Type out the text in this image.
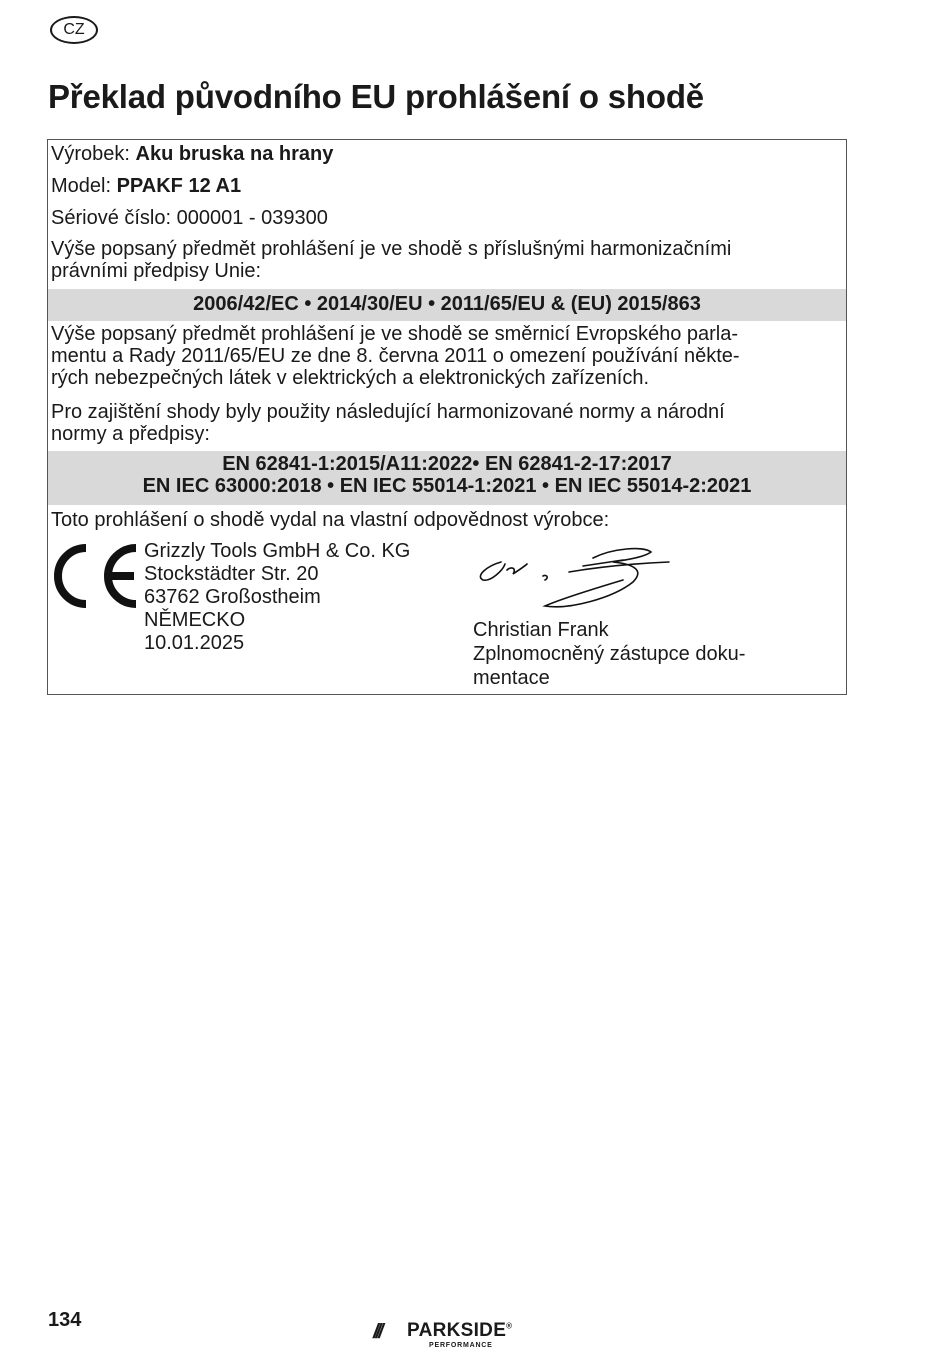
CZ
Překlad původního EU prohlášení o shodě
Výrobek: Aku bruska na hrany
Model: PPAKF 12 A1
Sériové číslo: 000001 - 039300
Výše popsaný předmět prohlášení je ve shodě s příslušnými harmonizačními
právními předpisy Unie:
2006/42/EC • 2014/30/EU • 2011/65/EU & (EU) 2015/863
Výše popsaný předmět prohlášení je ve shodě se směrnicí Evropského parla-
mentu a Rady 2011/65/EU ze dne 8. června 2011 o omezení používání někte-
rých nebezpečných látek v elektrických a elektronických zařízeních.
Pro zajištění shody byly použity následující harmonizované normy a národní
normy a předpisy:
EN 62841-1:2015/A11:2022• EN 62841-2-17:2017
EN IEC 63000:2018 • EN IEC 55014-1:2021 • EN IEC 55014-2:2021
Toto prohlášení o shodě vydal na vlastní odpovědnost výrobce:
Grizzly Tools GmbH & Co. KG
Stockstädter Str. 20
63762 Großostheim
NĚMECKO
10.01.2025
Christian Frank
Zplnomocněný zástupce doku-
mentace
134
/// PARKSIDE®
PERFORMANCE
